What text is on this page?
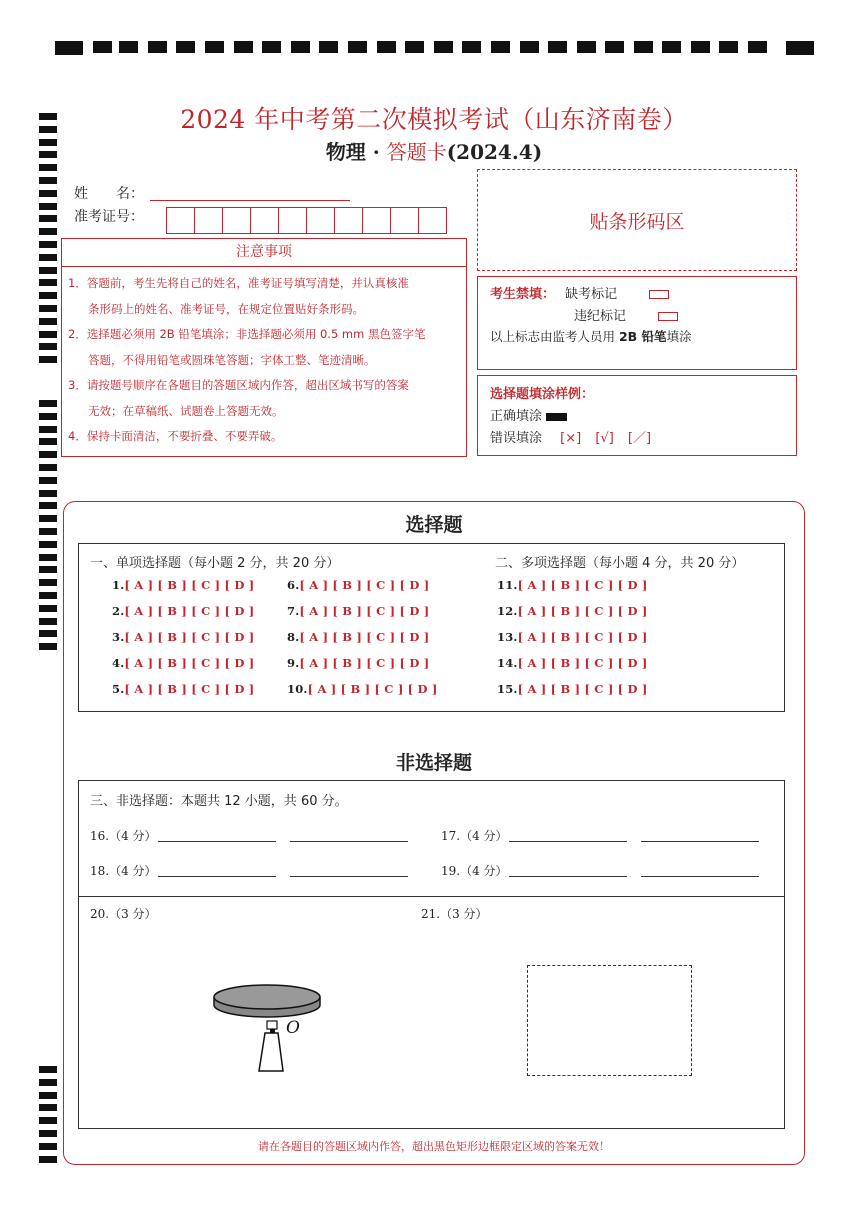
2024 年中考第二次模拟考试（山东济南卷）
物理 · 答题卡(2024.4)
姓　　名：
准考证号：	贴条形码区
注意事项
1．答题前，考生先将自己的姓名，准考证号填写清楚，并认真核准
条形码上的姓名、准考证号，在规定位置贴好条形码。
2．选择题必须用 2B 铅笔填涂；非选择题必须用 0.5 mm 黑色签字笔
答题，不得用铅笔或圆珠笔答题；字体工整、笔迹清晰。
3．请按题号顺序在各题目的答题区域内作答，超出区域书写的答案
无效；在草稿纸、试题卷上答题无效。
4．保持卡面清洁，不要折叠、不要弄破。
考生禁填： 缺考标记
违纪标记
以上标志由监考人员用 2B 铅笔填涂
选择题填涂样例：
正确填涂
错误填涂 [×] [√] [／]
选择题
一、单项选择题（每小题 2 分，共 20 分）	二、多项选择题（每小题 4 分，共 20 分）
1.[ A ] [ B ] [ C ] [ D ]
2.[ A ] [ B ] [ C ] [ D ]
3.[ A ] [ B ] [ C ] [ D ]
4.[ A ] [ B ] [ C ] [ D ]
5.[ A ] [ B ] [ C ] [ D ]
6.[ A ] [ B ] [ C ] [ D ]
7.[ A ] [ B ] [ C ] [ D ]
8.[ A ] [ B ] [ C ] [ D ]
9.[ A ] [ B ] [ C ] [ D ]
10.[ A ] [ B ] [ C ] [ D ]
11.[ A ] [ B ] [ C ] [ D ]
12.[ A ] [ B ] [ C ] [ D ]
13.[ A ] [ B ] [ C ] [ D ]
14.[ A ] [ B ] [ C ] [ D ]
15.[ A ] [ B ] [ C ] [ D ]
非选择题
三、非选择题：本题共 12 小题，共 60 分。
16.（4 分）	17.（4 分）
18.（4 分）	19.（4 分）
20.（3 分）	21.（3 分）
O
请在各题目的答题区域内作答，超出黑色矩形边框限定区域的答案无效！
